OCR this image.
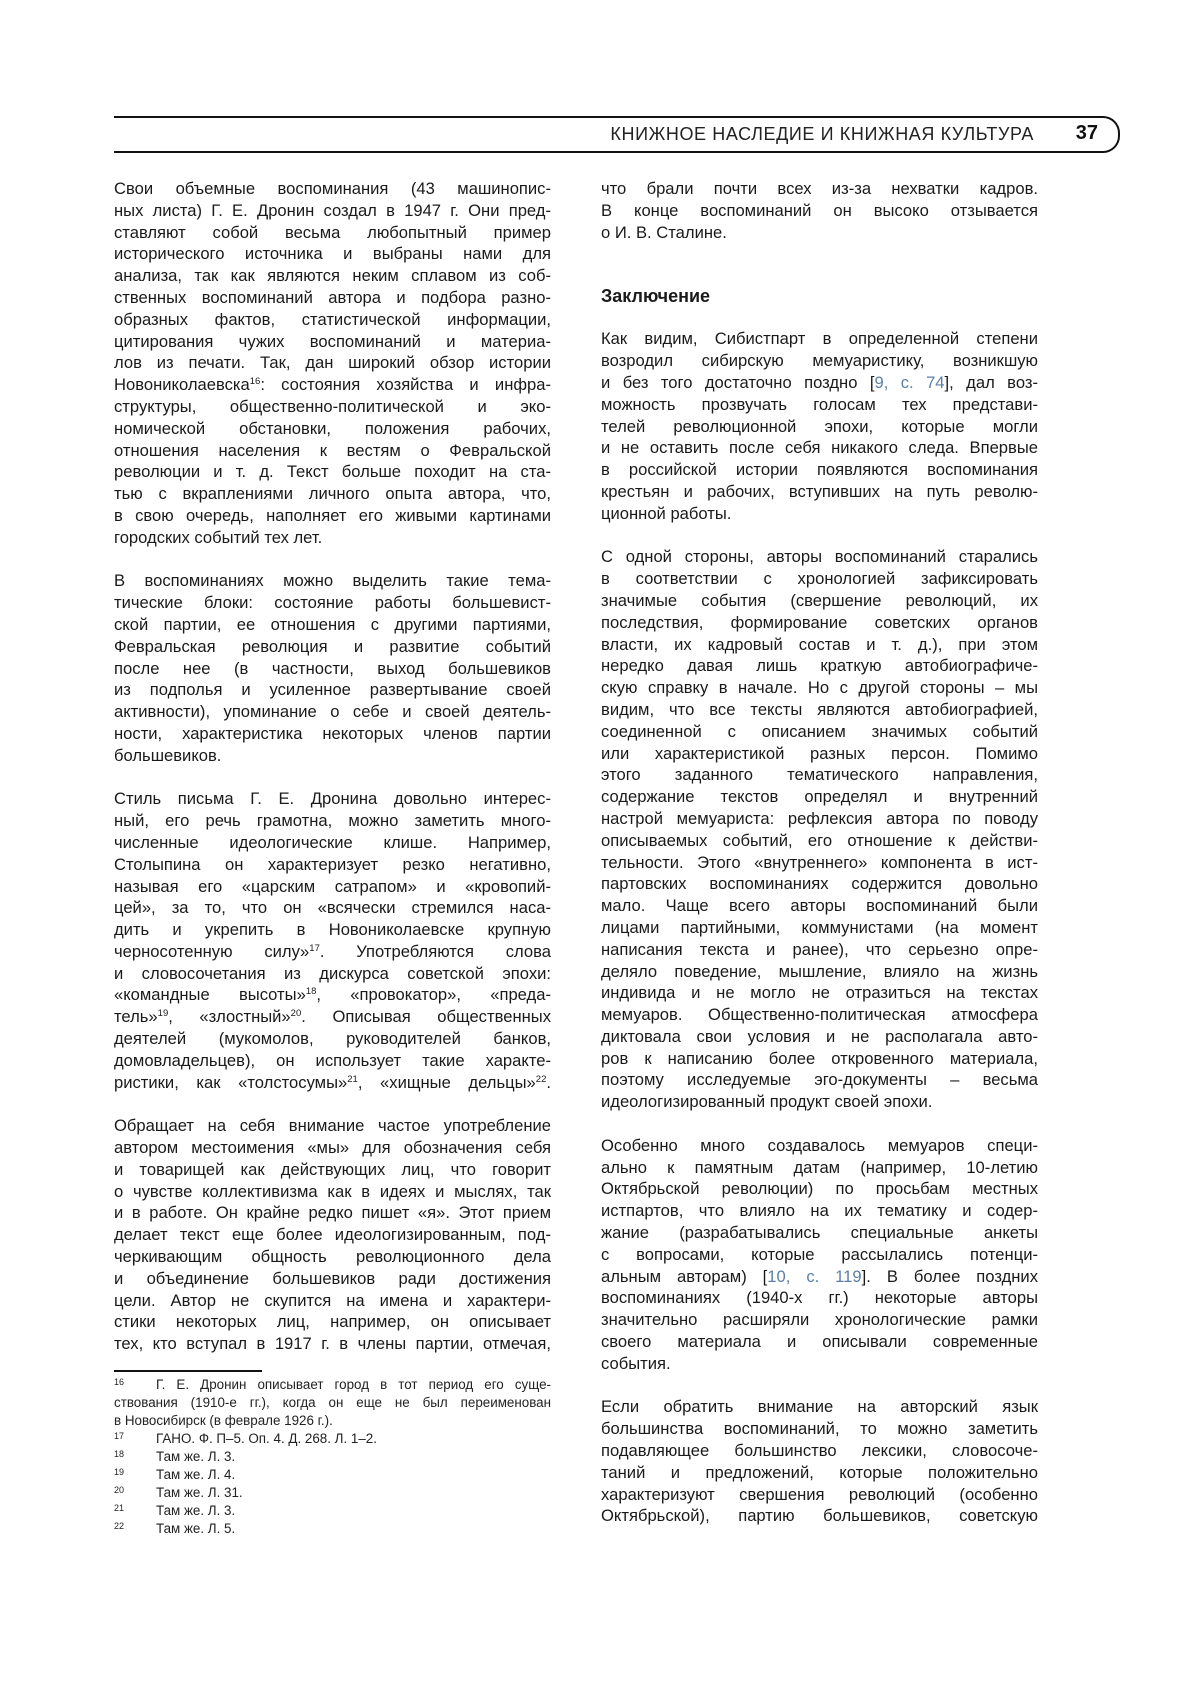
КНИЖНОЕ НАСЛЕДИЕ И КНИЖНАЯ КУЛЬТУРА 37
Свои объемные воспоминания (43 машинопис-
ных листа) Г. Е. Дронин создал в 1947 г. Они пред-
ставляют собой весьма любопытный пример
исторического источника и выбраны нами для
анализа, так как являются неким сплавом из соб-
ственных воспоминаний автора и подбора разно-
образных фактов, статистической информации,
цитирования чужих воспоминаний и материа-
лов из печати. Так, дан широкий обзор истории
Новониколаевска16: состояния хозяйства и инфра-
структуры, общественно-политической и эко-
номической обстановки, положения рабочих,
отношения населения к вестям о Февральской
революции и т. д. Текст больше походит на ста-
тью с вкраплениями личного опыта автора, что,
в свою очередь, наполняет его живыми картинами
городских событий тех лет.
В воспоминаниях можно выделить такие тема-
тические блоки: состояние работы большевист-
ской партии, ее отношения с другими партиями,
Февральская революция и развитие событий
после нее (в частности, выход большевиков
из подполья и усиленное развертывание своей
активности), упоминание о себе и своей деятель-
ности, характеристика некоторых членов партии
большевиков.
Стиль письма Г. Е. Дронина довольно интерес-
ный, его речь грамотна, можно заметить много-
численные идеологические клише. Например,
Столыпина он характеризует резко негативно,
называя его «царским сатрапом» и «кровопий-
цей», за то, что он «всячески стремился наса-
дить и укрепить в Новониколаевске крупную
черносотенную силу»17. Употребляются слова
и словосочетания из дискурса советской эпохи:
«командные высоты»18, «провокатор», «преда-
тель»19, «злостный»20. Описывая общественных
деятелей (мукомолов, руководителей банков,
домовладельцев), он использует такие характе-
ристики, как «толстосумы»21, «хищные дельцы»22.
Обращает на себя внимание частое употребление
автором местоимения «мы» для обозначения себя
и товарищей как действующих лиц, что говорит
о чувстве коллективизма как в идеях и мыслях, так
и в работе. Он крайне редко пишет «я». Этот прием
делает текст еще более идеологизированным, под-
черкивающим общность революционного дела
и объединение большевиков ради достижения
цели. Автор не скупится на имена и характери-
стики некоторых лиц, например, он описывает
тех, кто вступал в 1917 г. в члены партии, отмечая,
что брали почти всех из-за нехватки кадров.
В конце воспоминаний он высоко отзывается
о И. В. Сталине.
Заключение
Как видим, Сибистпарт в определенной степени
возродил сибирскую мемуаристику, возникшую
и без того достаточно поздно [9, с. 74], дал воз-
можность прозвучать голосам тех представи-
телей революционной эпохи, которые могли
и не оставить после себя никакого следа. Впервые
в российской истории появляются воспоминания
крестьян и рабочих, вступивших на путь револю-
ционной работы.
С одной стороны, авторы воспоминаний старались
в соответствии с хронологией зафиксировать
значимые события (свершение революций, их
последствия, формирование советских органов
власти, их кадровый состав и т. д.), при этом
нередко давая лишь краткую автобиографиче-
скую справку в начале. Но с другой стороны – мы
видим, что все тексты являются автобиографией,
соединенной с описанием значимых событий
или характеристикой разных персон. Помимо
этого заданного тематического направления,
содержание текстов определял и внутренний
настрой мемуариста: рефлексия автора по поводу
описываемых событий, его отношение к действи-
тельности. Этого «внутреннего» компонента в ист-
партовских воспоминаниях содержится довольно
мало. Чаще всего авторы воспоминаний были
лицами партийными, коммунистами (на момент
написания текста и ранее), что серьезно опре-
деляло поведение, мышление, влияло на жизнь
индивида и не могло не отразиться на текстах
мемуаров. Общественно-политическая атмосфера
диктовала свои условия и не располагала авто-
ров к написанию более откровенного материала,
поэтому исследуемые эго-документы – весьма
идеологизированный продукт своей эпохи.
Особенно много создавалось мемуаров специ-
ально к памятным датам (например, 10-летию
Октябрьской революции) по просьбам местных
истпартов, что влияло на их тематику и содер-
жание (разрабатывались специальные анкеты
с вопросами, которые рассылались потенци-
альным авторам) [10, с. 119]. В более поздних
воспоминаниях (1940-х гг.) некоторые авторы
значительно расширяли хронологические рамки
своего материала и описывали современные
события.
Если обратить внимание на авторский язык
большинства воспоминаний, то можно заметить
подавляющее большинство лексики, словосоче-
таний и предложений, которые положительно
характеризуют свершения революций (особенно
Октябрьской), партию большевиков, советскую
16 Г. Е. Дронин описывает город в тот период его суще-
ствования (1910-е гг.), когда он еще не был переименован
в Новосибирск (в феврале 1926 г.).
17 ГАНО. Ф. П–5. Оп. 4. Д. 268. Л. 1–2.
18 Там же. Л. 3.
19 Там же. Л. 4.
20 Там же. Л. 31.
21 Там же. Л. 3.
22 Там же. Л. 5.
